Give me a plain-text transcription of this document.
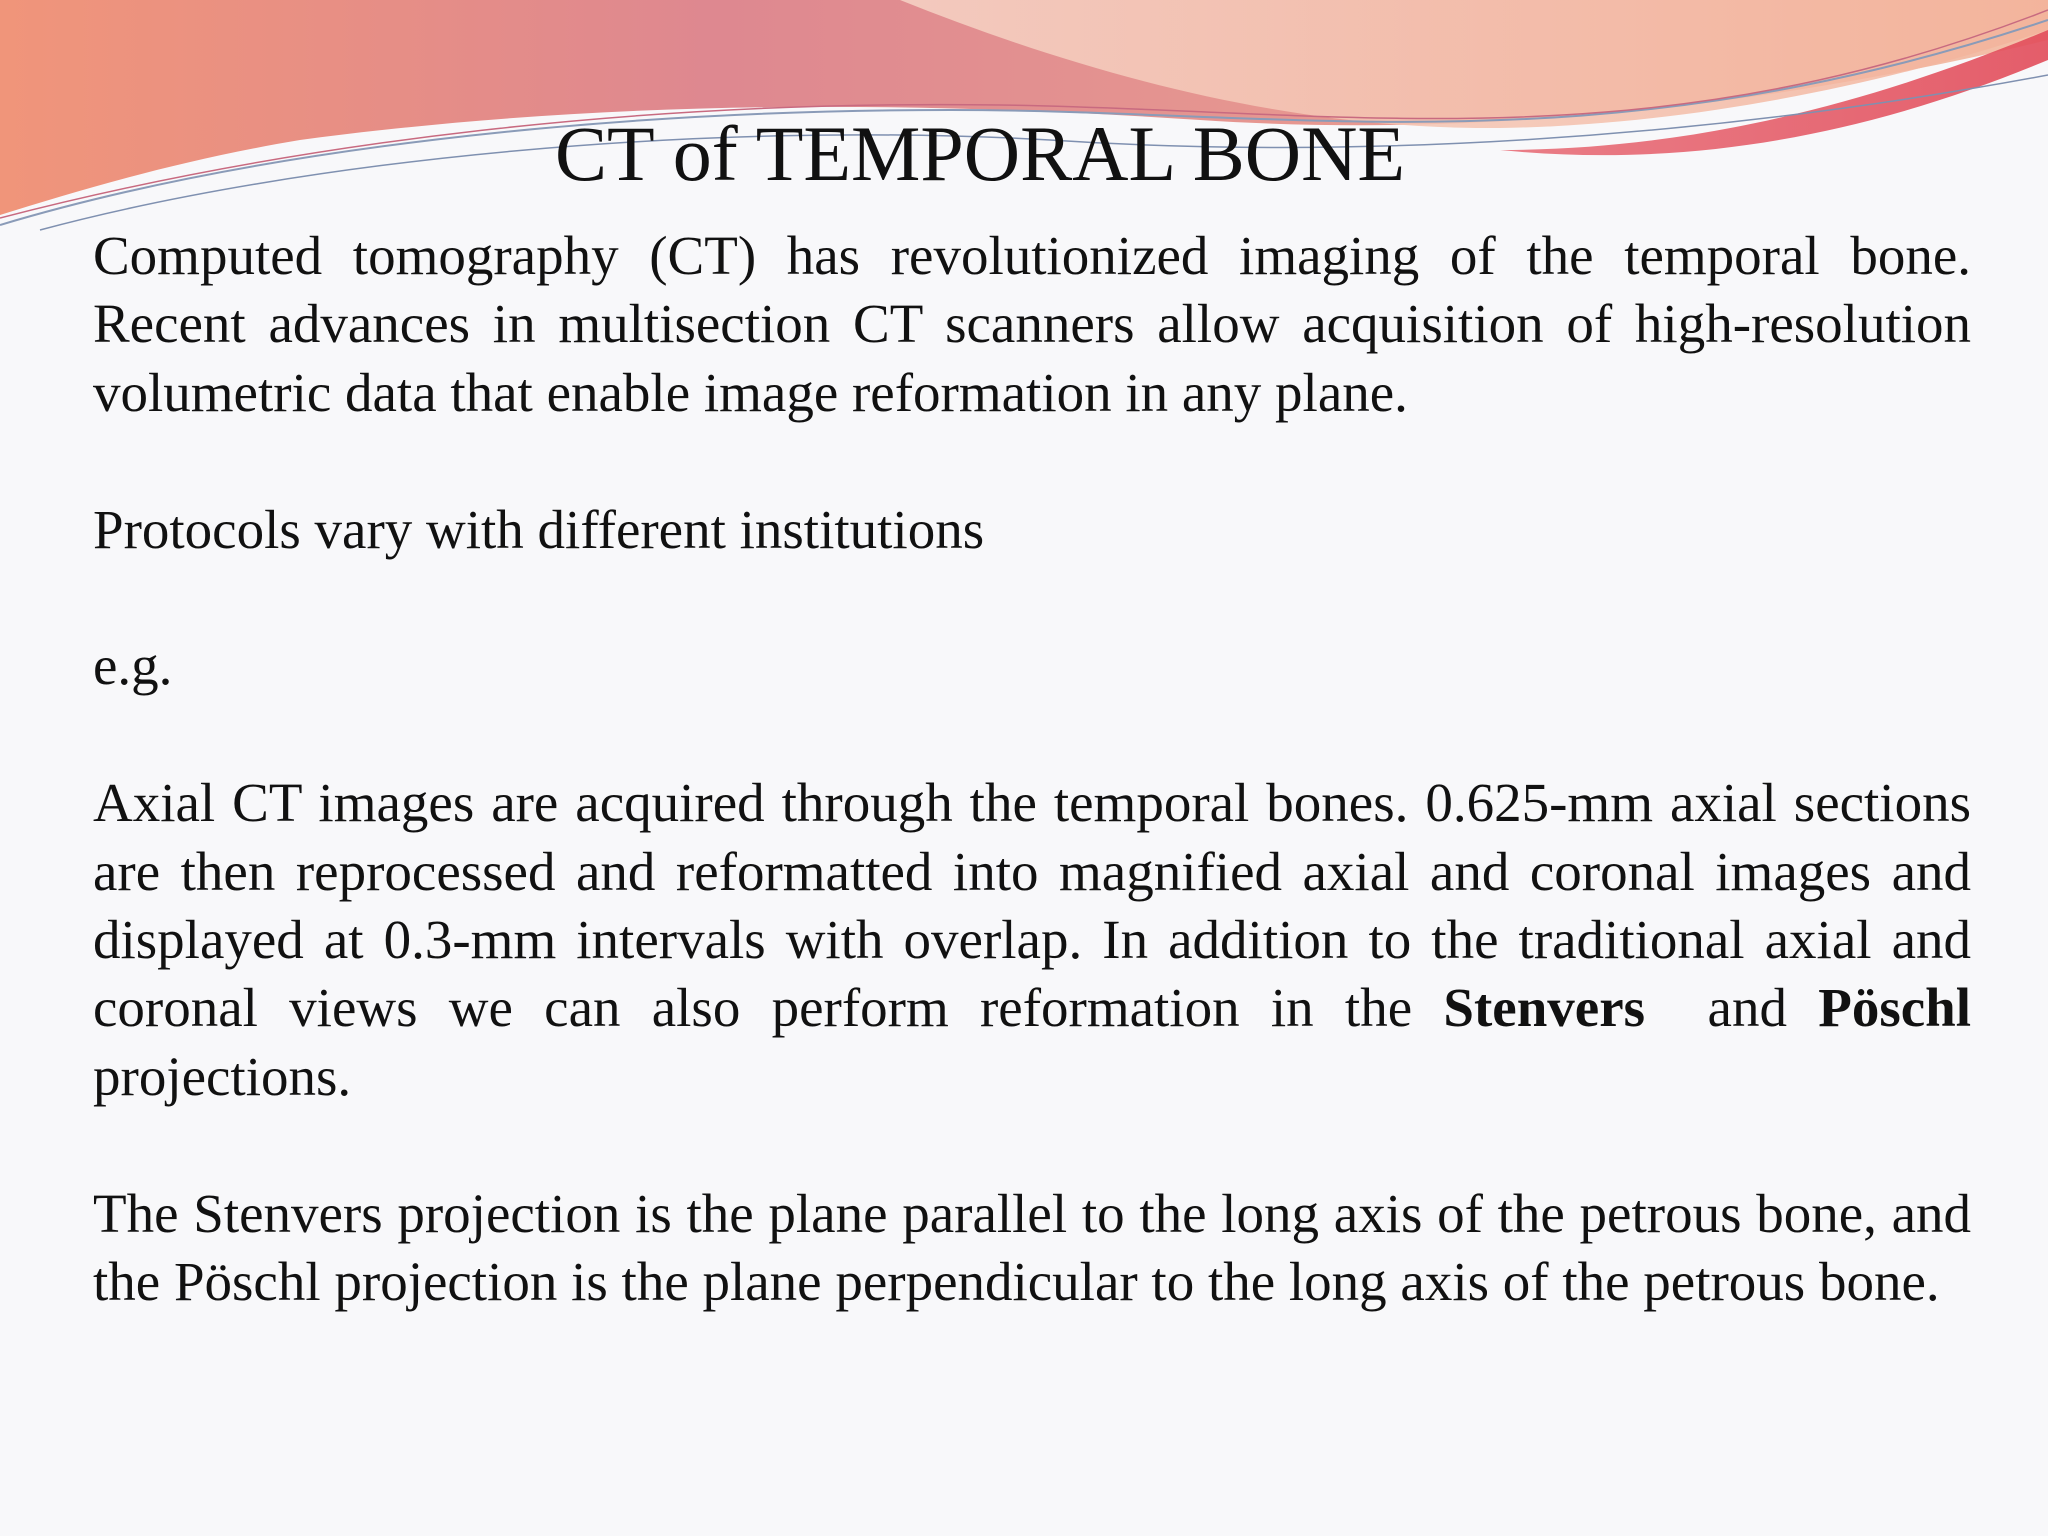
CT of TEMPORAL BONE

Computed tomography (CT) has revolutionized imaging of the temporal bone. Recent advances in multisection CT scanners allow acquisition of high-resolution volumetric data that enable image reformation in any plane.

Protocols vary with different institutions

e.g.

Axial CT images are acquired through the temporal bones. 0.625-mm axial sections are then reprocessed and reformatted into magnified axial and coronal images and displayed at 0.3-mm intervals with overlap. In addition to the traditional axial and coronal views we can also perform reformation in the Stenvers  and Pöschl projections.

The Stenvers projection is the plane parallel to the long axis of the petrous bone, and the Pöschl projection is the plane perpendicular to the long axis of the petrous bone.
